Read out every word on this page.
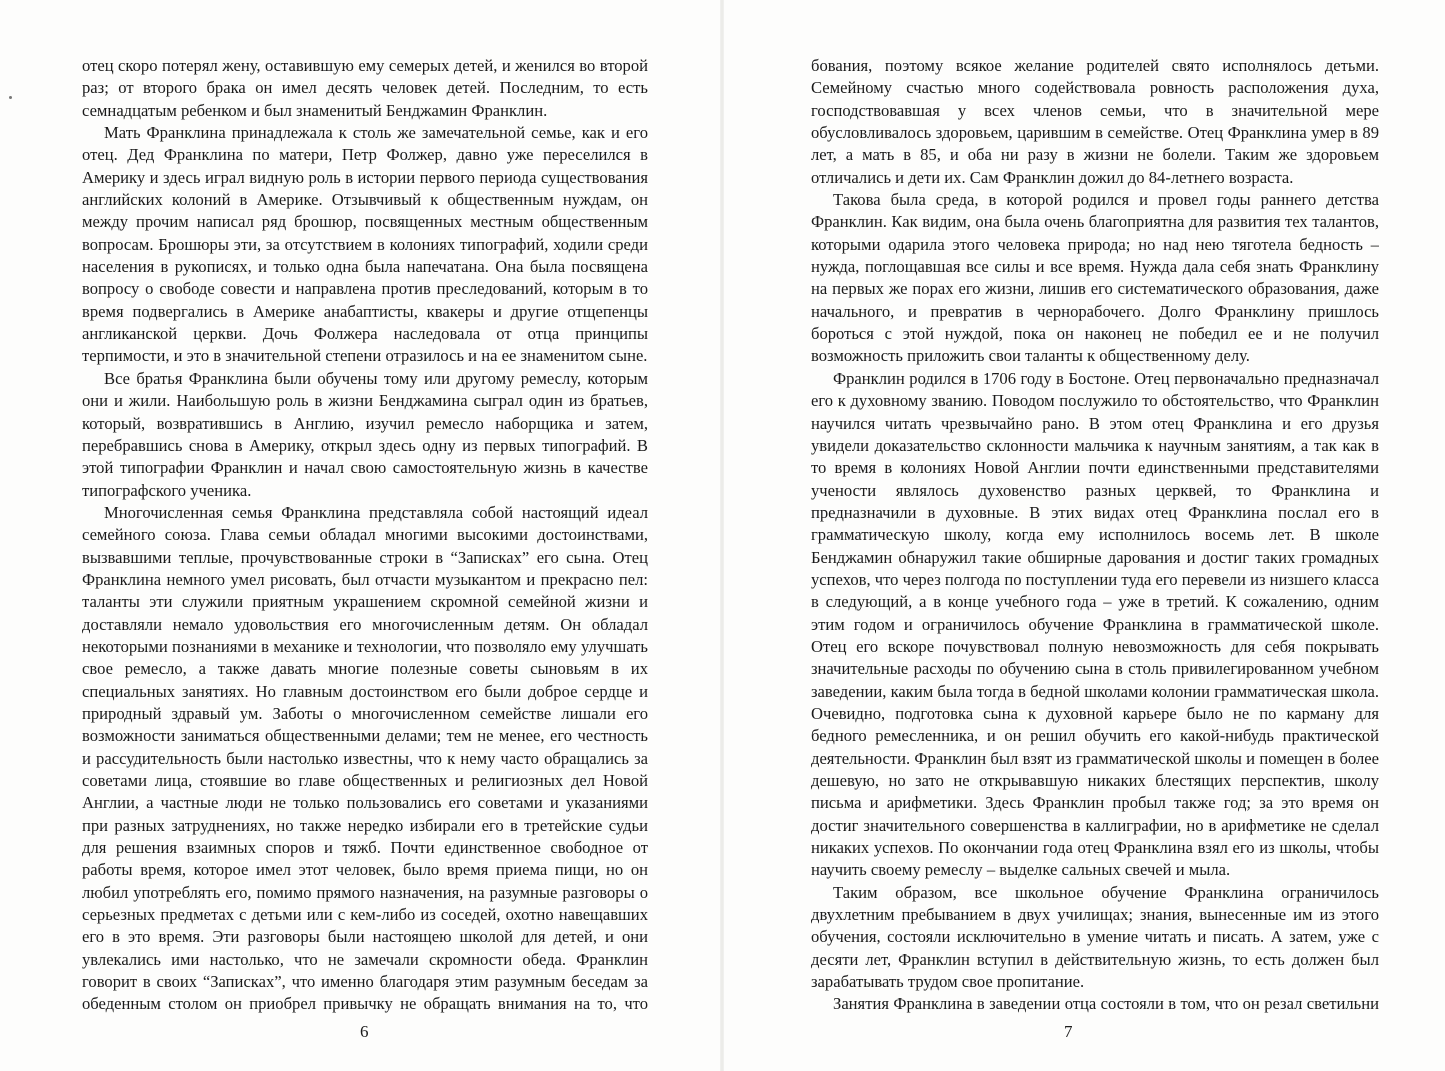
отец скоро потерял жену, оставившую ему семерых детей, и женился во второй раз; от второго брака он имел десять человек детей. Последним, то есть семнадцатым ребенком и был знаменитый Бенджамин Франклин.

Мать Франклина принадлежала к столь же замечательной семье, как и его отец. Дед Франклина по матери, Петр Фолжер, давно уже переселился в Америку и здесь играл видную роль в истории первого периода существования английских колоний в Америке. Отзывчивый к общественным нуждам, он между прочим написал ряд брошюр, посвященных местным общественным вопросам. Брошюры эти, за отсутствием в колониях типографий, ходили среди населения в рукописях, и только одна была напечатана. Она была посвящена вопросу о свободе совести и направлена против преследований, которым в то время подвергались в Америке анабаптисты, квакеры и другие отщепенцы англиканской церкви. Дочь Фолжера наследовала от отца принципы терпимости, и это в значительной степени отразилось и на ее знаменитом сыне.

Все братья Франклина были обучены тому или другому ремеслу, которым они и жили. Наибольшую роль в жизни Бенджамина сыграл один из братьев, который, возвратившись в Англию, изучил ремесло наборщика и затем, перебравшись снова в Америку, открыл здесь одну из первых типографий. В этой типографии Франклин и начал свою самостоятельную жизнь в качестве типографского ученика.

Многочисленная семья Франклина представляла собой настоящий идеал семейного союза. Глава семьи обладал многими высокими достоинствами, вызвавшими теплые, прочувствованные строки в “Записках” его сына. Отец Франклина немного умел рисовать, был отчасти музыкантом и прекрасно пел: таланты эти служили приятным украшением скромной семейной жизни и доставляли немало удовольствия его многочисленным детям. Он обладал некоторыми познаниями в механике и технологии, что позволяло ему улучшать свое ремесло, а также давать многие полезные советы сыновьям в их специальных занятиях. Но главным достоинством его были доброе сердце и природный здравый ум. Заботы о многочисленном семействе лишали его возможности заниматься общественными делами; тем не менее, его честность и рассудительность были настолько известны, что к нему часто обращались за советами лица, стоявшие во главе общественных и религиозных дел Новой Англии, а частные люди не только пользовались его советами и указаниями при разных затруднениях, но также нередко избирали его в третейские судьи для решения взаимных споров и тяжб. Почти единственное свободное от работы время, которое имел этот человек, было время приема пищи, но он любил употреблять его, помимо прямого назначения, на разумные разговоры о серьезных предметах с детьми или с кем-либо из соседей, охотно навещавших его в это время. Эти разговоры были настоящею школой для детей, и они увлекались ими настолько, что не замечали скромности обеда. Франклин говорит в своих “Записках”, что именно благодаря этим разумным беседам за обеденным столом он приобрел привычку не обращать внимания на то, что

6

бования, поэтому всякое желание родителей свято исполнялось детьми. Семейному счастью много содействовала ровность расположения духа, господствовавшая у всех членов семьи, что в значительной мере обусловливалось здоровьем, царившим в семействе. Отец Франклина умер в 89 лет, а мать в 85, и оба ни разу в жизни не болели. Таким же здоровьем отличались и дети их. Сам Франклин дожил до 84-летнего возраста.

Такова была среда, в которой родился и провел годы раннего детства Франклин. Как видим, она была очень благоприятна для развития тех талантов, которыми одарила этого человека природа; но над нею тяготела бедность – нужда, поглощавшая все силы и все время. Нужда дала себя знать Франклину на первых же порах его жизни, лишив его систематического образования, даже начального, и превратив в чернорабочего. Долго Франклину пришлось бороться с этой нуждой, пока он наконец не победил ее и не получил возможность приложить свои таланты к общественному делу.

Франклин родился в 1706 году в Бостоне. Отец первоначально предназначал его к духовному званию. Поводом послужило то обстоятельство, что Франклин научился читать чрезвычайно рано. В этом отец Франклина и его друзья увидели доказательство склонности мальчика к научным занятиям, а так как в то время в колониях Новой Англии почти единственными представителями учености являлось духовенство разных церквей, то Франклина и предназначили в духовные. В этих видах отец Франклина послал его в грамматическую школу, когда ему исполнилось восемь лет. В школе Бенджамин обнаружил такие обширные дарования и достиг таких громадных успехов, что через полгода по поступлении туда его перевели из низшего класса в следующий, а в конце учебного года – уже в третий. К сожалению, одним этим годом и ограничилось обучение Франклина в грамматической школе. Отец его вскоре почувствовал полную невозможность для себя покрывать значительные расходы по обучению сына в столь привилегированном учебном заведении, каким была тогда в бедной школами колонии грамматическая школа. Очевидно, подготовка сына к духовной карьере было не по карману для бедного ремесленника, и он решил обучить его какой-нибудь практической деятельности. Франклин был взят из грамматической школы и помещен в более дешевую, но зато не открывавшую никаких блестящих перспектив, школу письма и арифметики. Здесь Франклин пробыл также год; за это время он достиг значительного совершенства в каллиграфии, но в арифметике не сделал никаких успехов. По окончании года отец Франклина взял его из школы, чтобы научить своему ремеслу – выделке сальных свечей и мыла.

Таким образом, все школьное обучение Франклина ограничилось двухлетним пребыванием в двух училищах; знания, вынесенные им из этого обучения, состояли исключительно в умение читать и писать. А затем, уже с десяти лет, Франклин вступил в действительную жизнь, то есть должен был зарабатывать трудом свое пропитание.

Занятия Франклина в заведении отца состояли в том, что он резал светильни

7
